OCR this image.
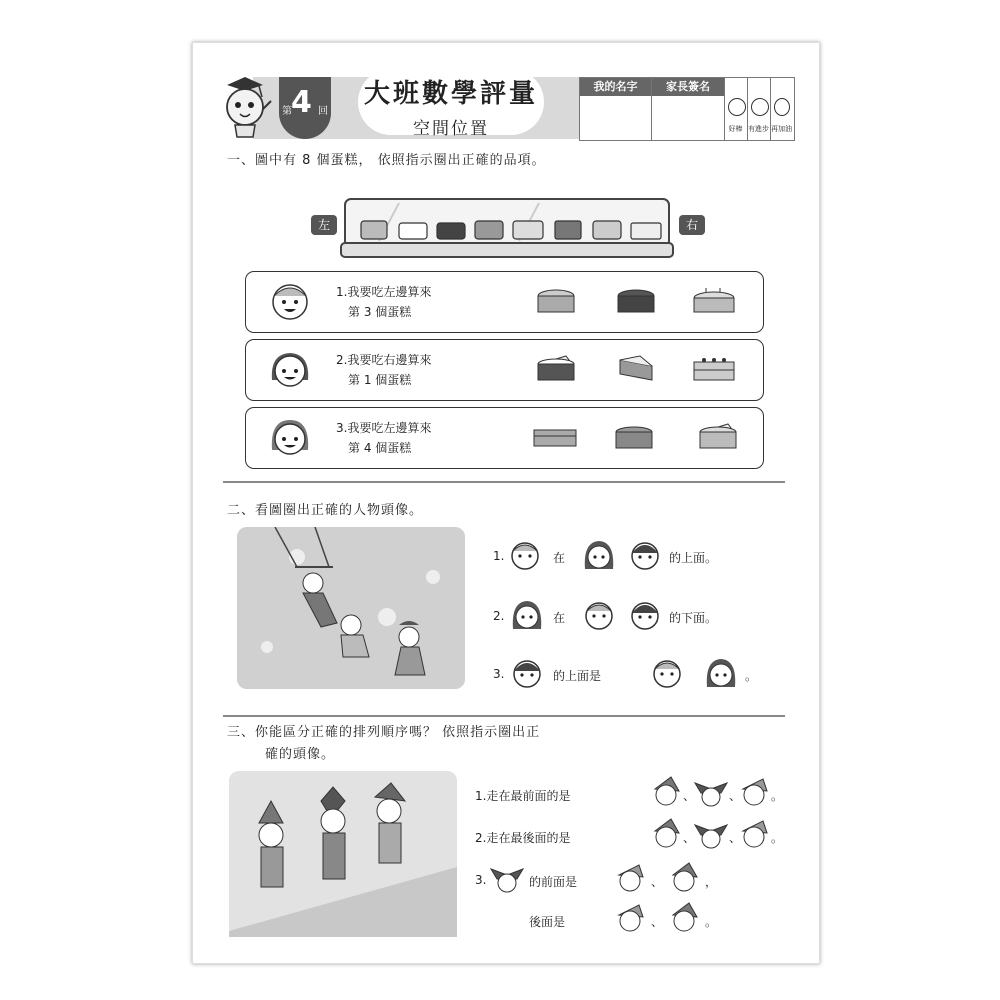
第 4 回
大班數學評量
空間位置
我的名字	家長簽名
好棒 有進步 再加油
一、圖中有 8 個蛋糕， 依照指示圈出正確的品項。
左	右
1.我要吃左邊算來
第 3 個蛋糕
2.我要吃右邊算來
第 1 個蛋糕
3.我要吃左邊算來
第 4 個蛋糕
二、看圖圈出正確的人物頭像。
1.	在	的上面。
2.	在	的下面。
3.	的上面是	。
三、你能區分正確的排列順序嗎？ 依照指示圈出正
確的頭像。
1.走在最前面的是	、	、 。
2.走在最後面的是	、	、 。
3.	的前面是	、	，
後面是	、	。
